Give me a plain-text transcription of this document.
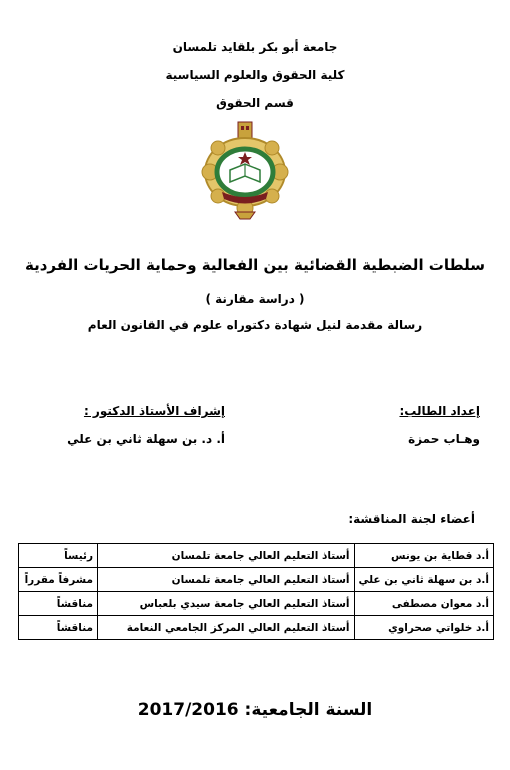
جامعة أبو بكر بلقايد تلمسان
كلية الحقوق والعلوم السياسية
قسم الحقوق
سلطات الضبطية القضائية بين الفعالية وحماية الحريات الفردية
( دراسة مقارنة )
رسالة مقدمة لنيل شهادة دكتوراه علوم في القانون العام
إعداد الطالب:
وهـاب حمزة
إشراف الأستاذ الدكتور :
أ. د. بن سهلة ثاني بن علي
أعضاء لجنة المناقشة:
أ.د قطاية بن يونس	أستاذ التعليم العالي جامعة تلمسان	رئيساً
أ.د بن سهلة ثاني بن علي	أستاذ التعليم العالي جامعة تلمسان	مشرفاً مقرراً
أ.د معوان مصطفى	أستاذ التعليم العالي جامعة سيدي بلعباس	مناقشاً
أ.د خلواتي صحراوي	أستاذ التعليم العالي المركز الجامعي النعامة	مناقشاً
السنة الجامعية: 2017/2016
